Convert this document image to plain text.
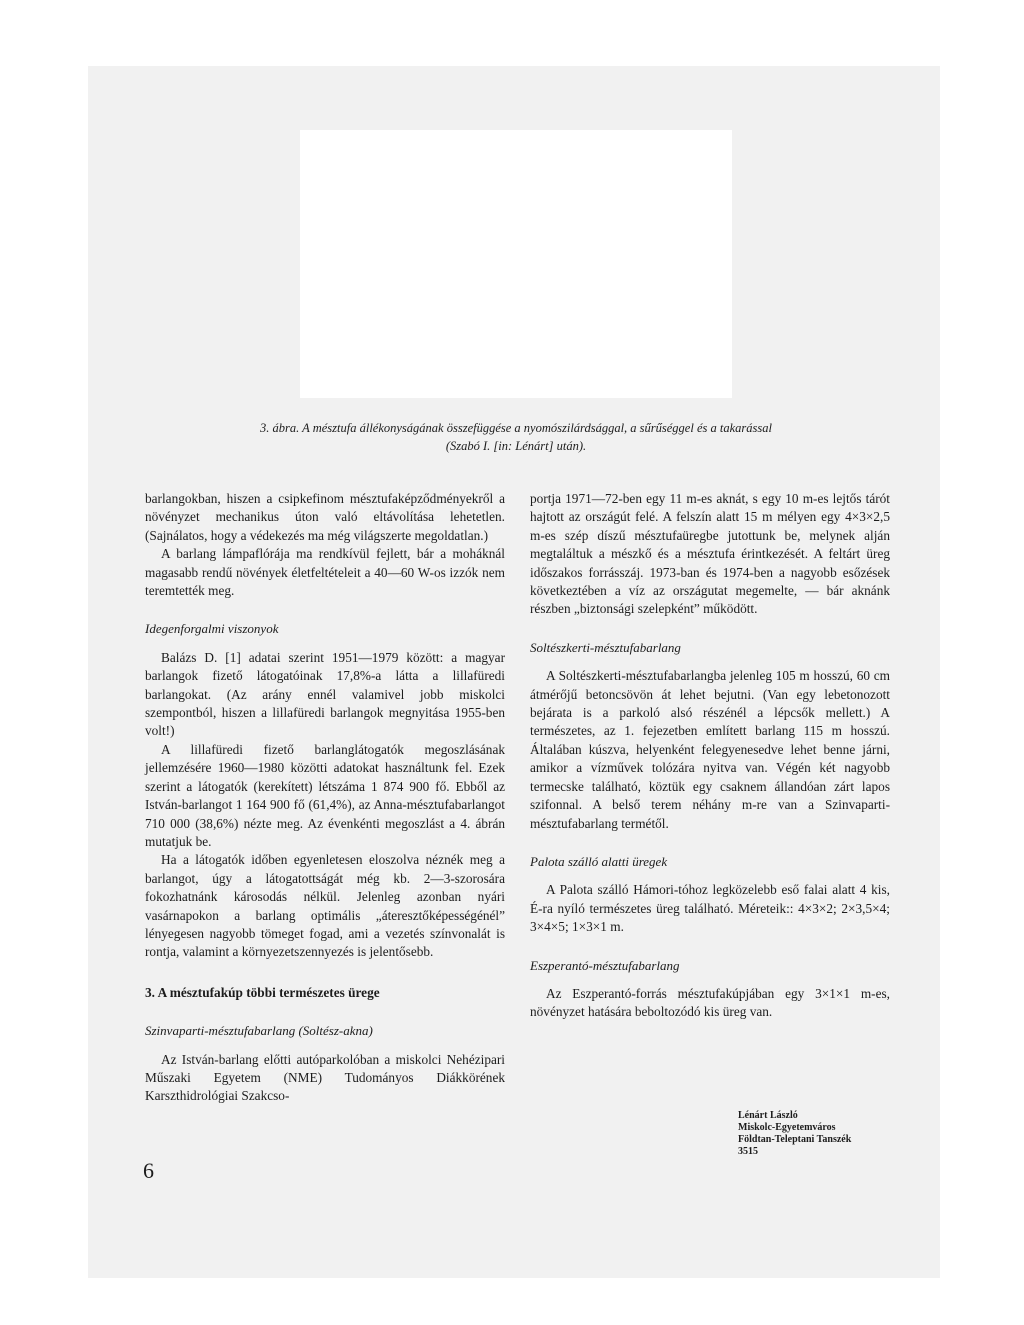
3. ábra. A mésztufa állékonyságának összefüggése a nyomószilárdsággal, a sűrűséggel és a takarással
(Szabó I. [in: Lénárt] után).

barlangokban, hiszen a csipkefinom mésztufaképződményekről a növényzet mechanikus úton való eltávolítása lehetetlen. (Sajnálatos, hogy a védekezés ma még világszerte megoldatlan.)

A barlang lámpaflórája ma rendkívül fejlett, bár a moháknál magasabb rendű növények életfeltételeit a 40—60 W-os izzók nem teremtették meg.

Idegenforgalmi viszonyok

Balázs D. [1] adatai szerint 1951—1979 között: a magyar barlangok fizető látogatóinak 17,8%-a látta a lillafüredi barlangokat. (Az arány ennél valamivel jobb miskolci szempontból, hiszen a lillafüredi barlangok megnyitása 1955-ben volt!)

A lillafüredi fizető barlanglátogatók megoszlásának jellemzésére 1960—1980 közötti adatokat használtunk fel. Ezek szerint a látogatók (kerekített) létszáma 1 874 900 fő. Ebből az István-barlangot 1 164 900 fő (61,4%), az Anna-mésztufabarlangot 710 000 (38,6%) nézte meg. Az évenkénti megoszlást a 4. ábrán mutatjuk be.

Ha a látogatók időben egyenletesen eloszolva néznék meg a barlangot, úgy a látogatottságát még kb. 2—3-szorosára fokozhatnánk károsodás nélkül. Jelenleg azonban nyári vasárnapokon a barlang optimális „áteresztőképességénél” lényegesen nagyobb tömeget fogad, ami a vezetés színvonalát is rontja, valamint a környezetszennyezés is jelentősebb.

3. A mésztufakúp többi természetes ürege
Szinvaparti-mésztufabarlang (Soltész-akna)

Az István-barlang előtti autóparkolóban a miskolci Nehézipari Műszaki Egyetem (NME) Tudományos Diákkörének Karszthidrológiai Szakcso-

portja 1971—72-ben egy 11 m-es aknát, s egy 10 m-es lejtős tárót hajtott az országút felé. A felszín alatt 15 m mélyen egy 4×3×2,5 m-es szép díszű mésztufaüregbe jutottunk be, melynek alján megtaláltuk a mészkő és a mésztufa érintkezését. A feltárt üreg időszakos forrásszáj. 1973-ban és 1974-ben a nagyobb esőzések következtében a víz az országutat megemelte, — bár aknánk részben „biztonsági szelepként” működött.

Soltészkerti-mésztufabarlang

A Soltészkerti-mésztufabarlangba jelenleg 105 m hosszú, 60 cm átmérőjű betoncsövön át lehet bejutni. (Van egy lebetonozott bejárata is a parkoló alsó részénél a lépcsők mellett.) A természetes, az 1. fejezetben említett barlang 115 m hosszú. Általában kúszva, helyenként felegyenesedve lehet benne járni, amikor a vízművek tolózára nyitva van. Végén két nagyobb termecske található, köztük egy csaknem állandóan zárt lapos szifonnal. A belső terem néhány m-re van a Szinvaparti-mésztufabarlang termétől.

Palota szálló alatti üregek

A Palota szálló Hámori-tóhoz legközelebb eső falai alatt 4 kis, É-ra nyíló természetes üreg található. Méreteik:: 4×3×2; 2×3,5×4; 3×4×5; 1×3×1 m.

Eszperantó-mésztufabarlang

Az Eszperantó-forrás mésztufakúpjában egy 3×1×1 m-es, növényzet hatására beboltozódó kis üreg van.

Lénárt László
Miskolc-Egyetemváros
Földtan-Teleptani Tanszék
3515
6
